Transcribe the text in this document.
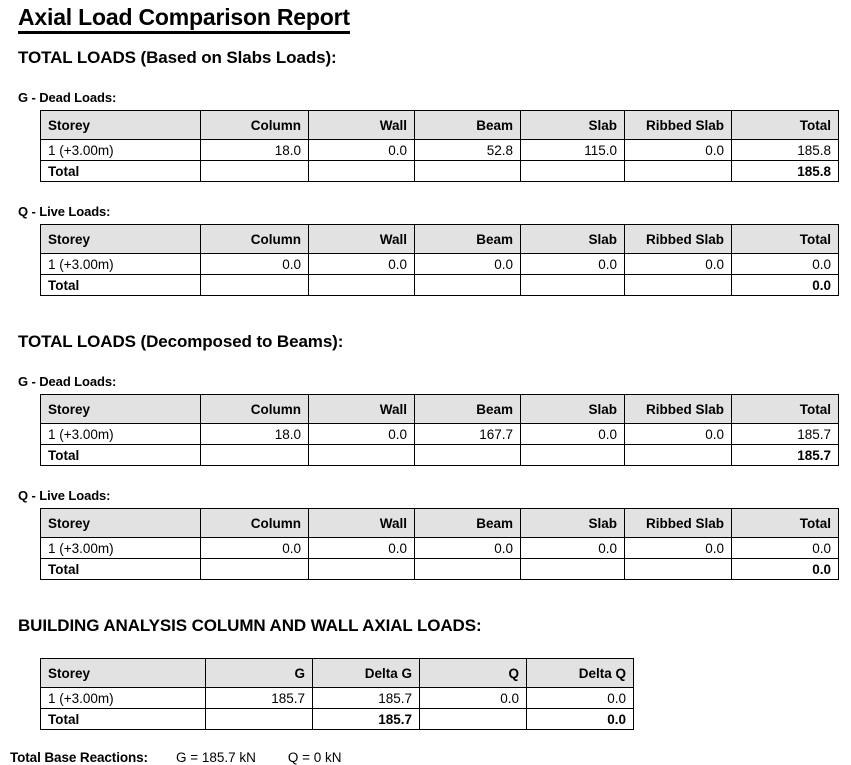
Axial Load Comparison Report
TOTAL LOADS (Based on Slabs Loads):
G - Dead Loads:
Storey	Column	Wall	Beam	Slab	Ribbed Slab	Total
1 (+3.00m)	18.0	0.0	52.8	115.0	0.0	185.8
Total						185.8
Q - Live Loads:
Storey	Column	Wall	Beam	Slab	Ribbed Slab	Total
1 (+3.00m)	0.0	0.0	0.0	0.0	0.0	0.0
Total						0.0
TOTAL LOADS (Decomposed to Beams):
G - Dead Loads:
Storey	Column	Wall	Beam	Slab	Ribbed Slab	Total
1 (+3.00m)	18.0	0.0	167.7	0.0	0.0	185.7
Total						185.7
Q - Live Loads:
Storey	Column	Wall	Beam	Slab	Ribbed Slab	Total
1 (+3.00m)	0.0	0.0	0.0	0.0	0.0	0.0
Total						0.0
BUILDING ANALYSIS COLUMN AND WALL AXIAL LOADS:
Storey	G	Delta G	Q	Delta Q
1 (+3.00m)	185.7	185.7	0.0	0.0
Total		185.7		0.0
Total Base Reactions: G = 185.7 kN Q = 0 kN
